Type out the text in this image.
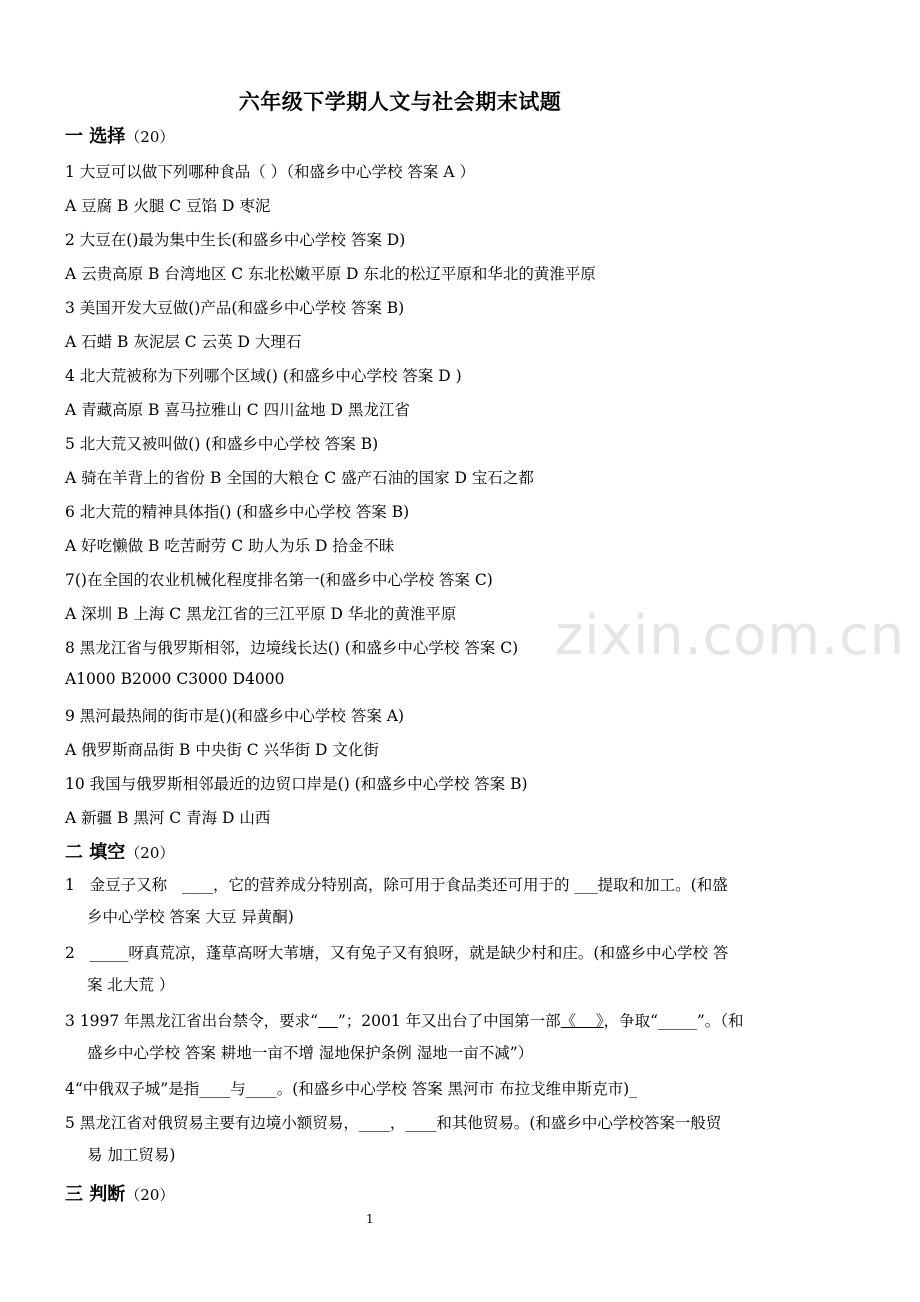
六年级下学期人文与社会期末试题
一 选择（20）
1 大豆可以做下列哪种食品（ ）（和盛乡中心学校 答案 A ）
A 豆腐 B 火腿 C 豆馅 D 枣泥
2 大豆在()最为集中生长(和盛乡中心学校 答案 D)
A 云贵高原 B 台湾地区 C 东北松嫩平原 D 东北的松辽平原和华北的黄淮平原
3 美国开发大豆做()产品(和盛乡中心学校 答案 B)
A 石蜡 B 灰泥层 C 云英 D 大理石
4 北大荒被称为下列哪个区域() (和盛乡中心学校 答案 D )
A 青藏高原 B 喜马拉雅山 C 四川盆地 D 黑龙江省
5 北大荒又被叫做() (和盛乡中心学校 答案 B)
A 骑在羊背上的省份 B 全国的大粮仓 C 盛产石油的国家 D 宝石之都
6 北大荒的精神具体指() (和盛乡中心学校 答案 B)
A 好吃懒做 B 吃苦耐劳 C 助人为乐 D 拾金不昧
7()在全国的农业机械化程度排名第一(和盛乡中心学校 答案 C)
A 深圳 B 上海 C 黑龙江省的三江平原 D 华北的黄淮平原
8 黑龙江省与俄罗斯相邻，边境线长达() (和盛乡中心学校 答案 C)
A1000 B2000 C3000 D4000
9 黑河最热闹的街市是()(和盛乡中心学校 答案 A)
A 俄罗斯商品街 B 中央街 C 兴华街 D 文化街
10 我国与俄罗斯相邻最近的边贸口岸是() (和盛乡中心学校 答案 B)
A 新疆 B 黑河 C 青海 D 山西
二 填空（20）
1 金豆子又称 ____，它的营养成分特别高，除可用于食品类还可用于的 ___提取和加工。(和盛
乡中心学校 答案 大豆 异黄酮)
2 _____呀真荒凉，蓬草高呀大苇塘，又有兔子又有狼呀，就是缺少村和庄。(和盛乡中心学校 答
案 北大荒 ）
3 1997 年黑龙江省出台禁令，要求“ ”；2001 年又出台了中国第一部《    》，争取“_____”。（和
盛乡中心学校 答案 耕地一亩不增 湿地保护条例 湿地一亩不减”）
4“中俄双子城”是指____与____。(和盛乡中心学校 答案 黑河市 布拉戈维申斯克市)_
5 黑龙江省对俄贸易主要有边境小额贸易，____，____和其他贸易。(和盛乡中心学校答案一般贸
易 加工贸易)
三 判断（20）
zixin.com.cn
1
